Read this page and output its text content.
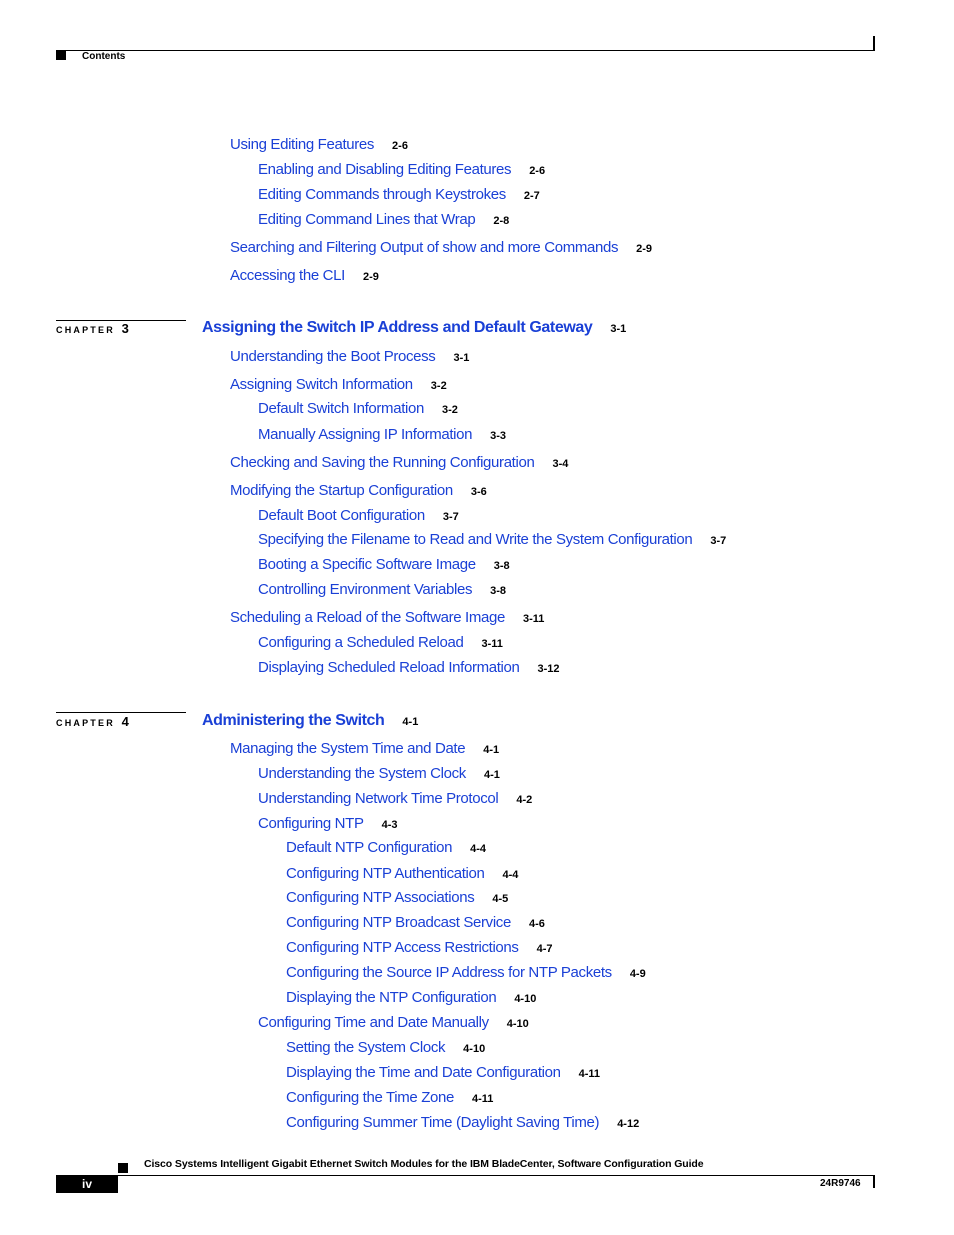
Contents
Using Editing Features 2-6
Enabling and Disabling Editing Features 2-6
Editing Commands through Keystrokes 2-7
Editing Command Lines that Wrap 2-8
Searching and Filtering Output of show and more Commands 2-9
Accessing the CLI 2-9
CHAPTER 3	Assigning the Switch IP Address and Default Gateway 3-1
Understanding the Boot Process 3-1
Assigning Switch Information 3-2
Default Switch Information 3-2
Manually Assigning IP Information 3-3
Checking and Saving the Running Configuration 3-4
Modifying the Startup Configuration 3-6
Default Boot Configuration 3-7
Specifying the Filename to Read and Write the System Configuration 3-7
Booting a Specific Software Image 3-8
Controlling Environment Variables 3-8
Scheduling a Reload of the Software Image 3-11
Configuring a Scheduled Reload 3-11
Displaying Scheduled Reload Information 3-12
CHAPTER 4	Administering the Switch 4-1
Managing the System Time and Date 4-1
Understanding the System Clock 4-1
Understanding Network Time Protocol 4-2
Configuring NTP 4-3
Default NTP Configuration 4-4
Configuring NTP Authentication 4-4
Configuring NTP Associations 4-5
Configuring NTP Broadcast Service 4-6
Configuring NTP Access Restrictions 4-7
Configuring the Source IP Address for NTP Packets 4-9
Displaying the NTP Configuration 4-10
Configuring Time and Date Manually 4-10
Setting the System Clock 4-10
Displaying the Time and Date Configuration 4-11
Configuring the Time Zone 4-11
Configuring Summer Time (Daylight Saving Time) 4-12
Cisco Systems Intelligent Gigabit Ethernet Switch Modules for the IBM BladeCenter, Software Configuration Guide
iv	24R9746
